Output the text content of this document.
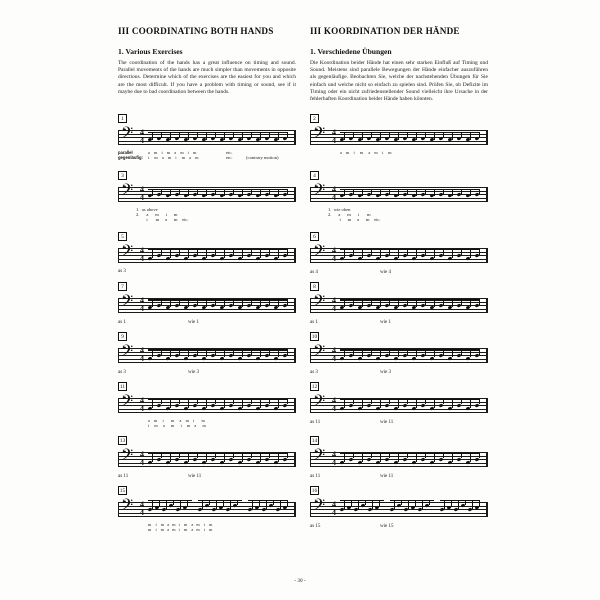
III COORDINATING BOTH HANDS
1. Various Exercises

The coordination of the hands has a great influence on timing and sound. Parallel movements of the hands are much simpler than movements in opposite directions. Determine which of the exercises are the easiest for you and which are the most difficult. If you have a problem with timing or sound, see if it maybe due to bad coordination between the hands.

III KOORDINATION DER HÄNDE
1. Verschiedene Übungen

Die Koordination beider Hände hat einen sehr starken Einfluß auf Timing und Sound. Meistens sind parallele Bewegungen der Hände einfacher auszuführen als gegenläufige. Beobachten Sie, welche der nachstehenden Übungen für Sie einfach und welche nicht so einfach zu spielen sind. Prüfen Sie, ob Defizite im Timing oder ein nicht zufriedenstellender Sound vielleicht ihre Ursache in der fehlerhaften Koordination beider Hände haben könnten.

1
𝄢 4
4
parallel
gegenläufig:
a    m    i    m    a    m    i    m
i     m    a    m    i     m    a    m
etc.
etc.	(contrary motion)
2
𝄢 4
4
a    m    i     m     a    m    i     m
3
𝄢 4
4
1.  as above
2.      a      m      i      m
i       m     a      m    etc.
4
𝄢 4
4
1.  wie oben
2.      a      m      i       m
i      m     a      m    etc.
5
𝄢 4
4
as 3
6
𝄢 4
4
as 4	wie 4
7
𝄢 4
4
as 1	wie 1
8
𝄢 4
4
as 1	wie 1
9
𝄢 4
4
as 3	wie 3
10
𝄢 4
4
as 3	wie 3
11
𝄢 4
4
a    m     i       m     a    m    i       m
i     m     a      m      i     m    a      m
12
𝄢 4
4
as 11	wie 11
13
𝄢 4
4
as 11	wie 11
14
𝄢 4
4
as 11	wie 11
15
𝄢 4
4
m    i    m   a   m   i    m    a   m    i    m
m    i    m   a   m   i    m    a   m    i    m
16
𝄢 4
4
as 15	wie 15
- 30 -
